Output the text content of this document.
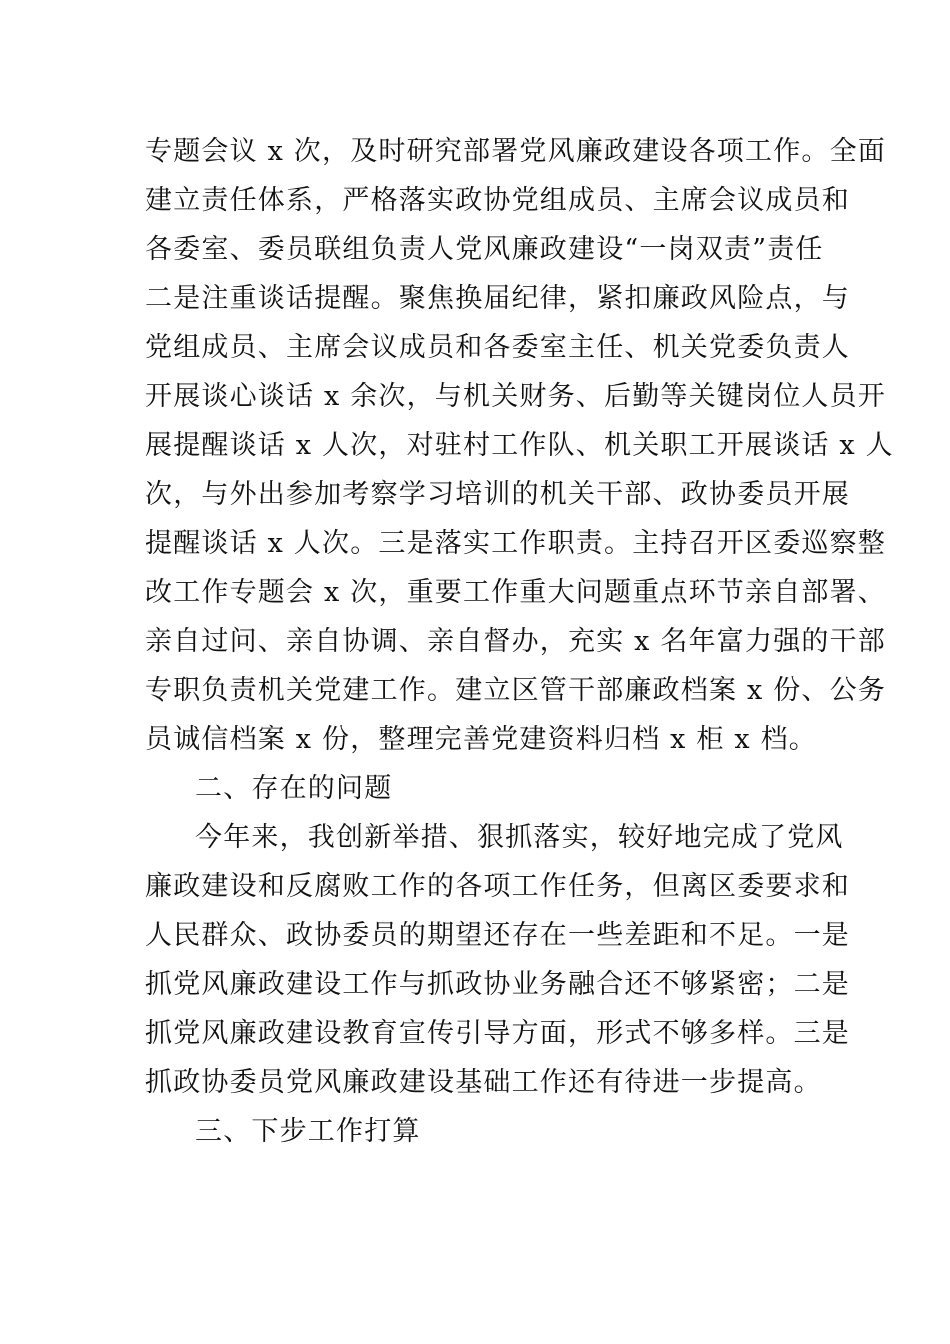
专题会议 x 次，及时研究部署党风廉政建设各项工作。全面
建立责任体系，严格落实政协党组成员、主席会议成员和
各委室、委员联组负责人党风廉政建设“一岗双责”责任
二是注重谈话提醒。聚焦换届纪律，紧扣廉政风险点，与
党组成员、主席会议成员和各委室主任、机关党委负责人
开展谈心谈话 x 余次，与机关财务、后勤等关键岗位人员开
展提醒谈话 x 人次，对驻村工作队、机关职工开展谈话 x 人
次，与外出参加考察学习培训的机关干部、政协委员开展
提醒谈话 x 人次。三是落实工作职责。主持召开区委巡察整
改工作专题会 x 次，重要工作重大问题重点环节亲自部署、
亲自过问、亲自协调、亲自督办，充实 x 名年富力强的干部
专职负责机关党建工作。建立区管干部廉政档案 x 份、公务
员诚信档案 x 份，整理完善党建资料归档 x 柜 x 档。
二、存在的问题
今年来，我创新举措、狠抓落实，较好地完成了党风
廉政建设和反腐败工作的各项工作任务，但离区委要求和
人民群众、政协委员的期望还存在一些差距和不足。一是
抓党风廉政建设工作与抓政协业务融合还不够紧密；二是
抓党风廉政建设教育宣传引导方面，形式不够多样。三是
抓政协委员党风廉政建设基础工作还有待进一步提高。
三、下步工作打算
